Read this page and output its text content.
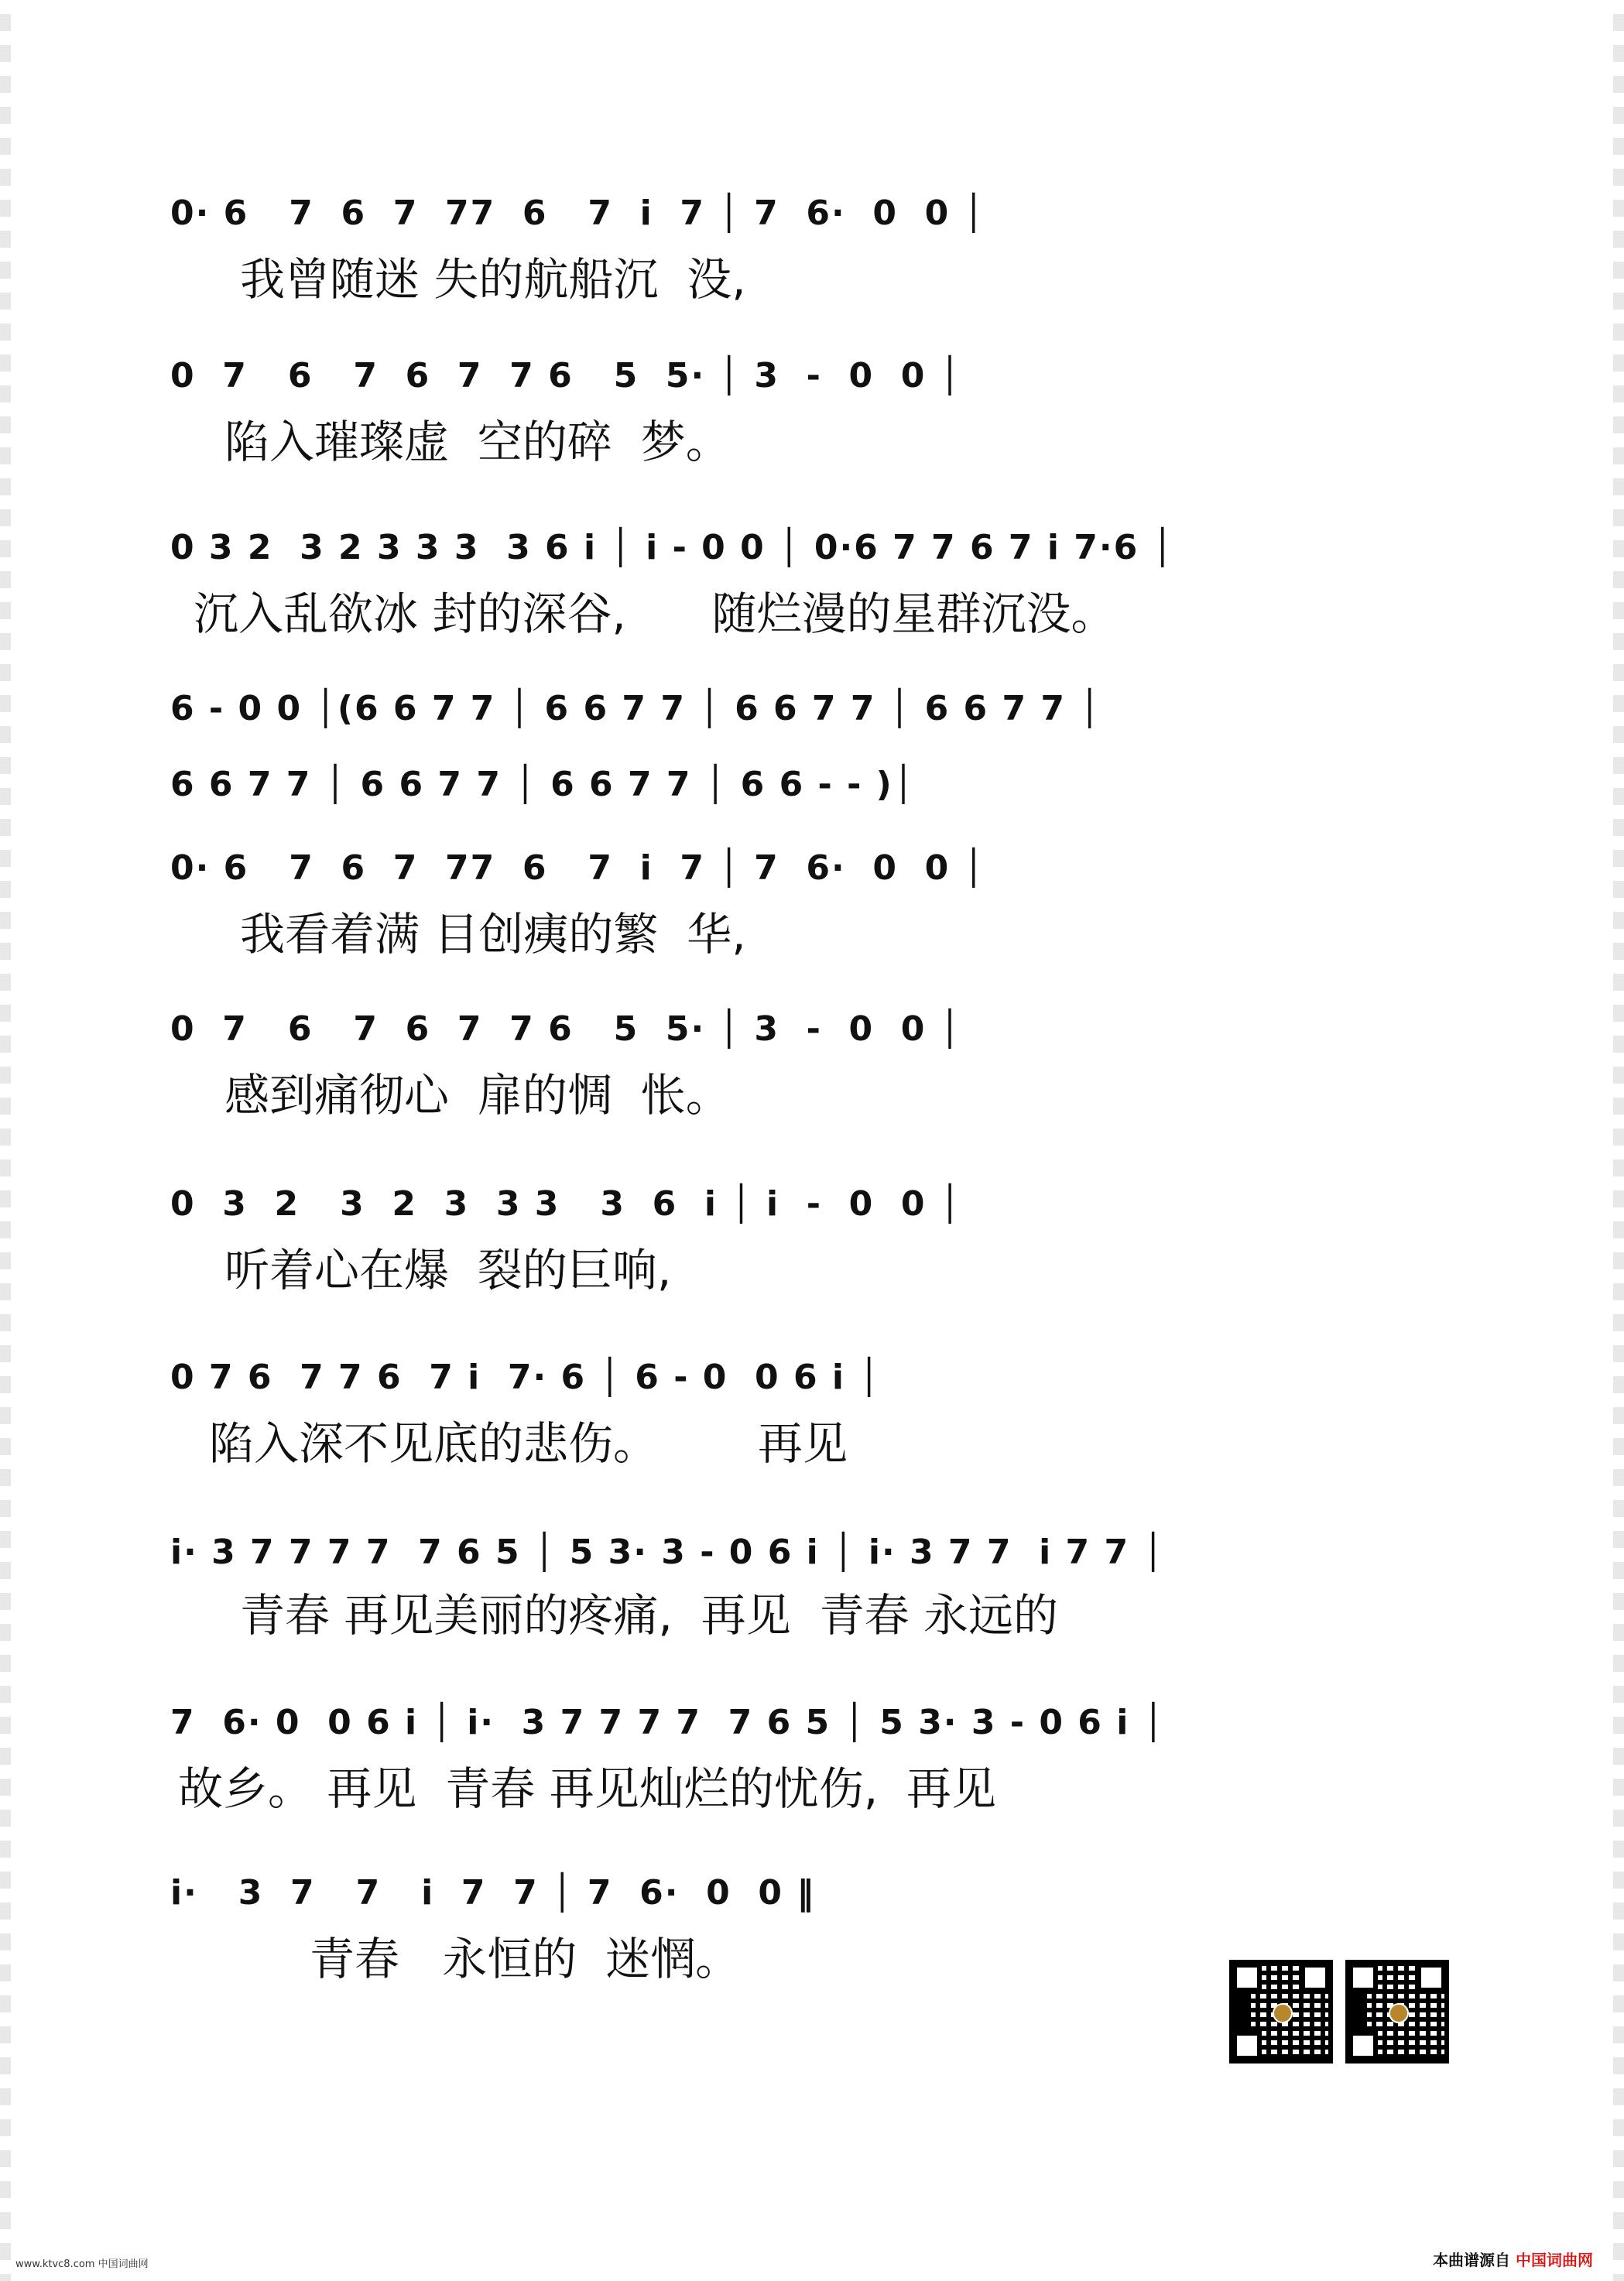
0· 6   7  6  7  77  6   7  i  7 │ 7  6·  0  0 │
我曾随迷 失的航船沉  没,
0  7   6   7  6  7  7 6   5  5· │ 3  -  0  0 │
陷入璀璨虚  空的碎  梦。
0 3 2  3 2 3 3 3  3 6 i │ i - 0 0 │ 0·6 7 7 6 7 i 7·6 │
沉入乱欲冰 封的深谷,      随烂漫的星群沉没。
6 - 0 0 │(6 6 7 7 │ 6 6 7 7 │ 6 6 7 7 │ 6 6 7 7 │
6 6 7 7 │ 6 6 7 7 │ 6 6 7 7 │ 6 6 - - )│
0· 6   7  6  7  77  6   7  i  7 │ 7  6·  0  0 │
我看着满 目创痍的繁  华,
0  7   6   7  6  7  7 6   5  5· │ 3  -  0  0 │
感到痛彻心  扉的惆  怅。
0  3  2   3  2  3  3 3   3  6  i │ i  -  0  0 │
听着心在爆  裂的巨响,
0 7 6  7 7 6  7 i  7· 6 │ 6 - 0  0 6 i │
陷入深不见底的悲伤。       再见
i· 3 7 7 7 7  7 6 5 │ 5 3· 3 - 0 6 i │ i· 3 7 7  i 7 7 │
青春 再见美丽的疼痛,  再见  青春 永远的
7  6· 0  0 6 i │ i·  3 7 7 7 7  7 6 5 │ 5 3· 3 - 0 6 i │
故乡。 再见  青春 再见灿烂的忧伤,  再见
i·   3  7   7   i  7  7 │ 7  6·  0  0 ‖
青春   永恒的  迷惘。
www.ktvc8.com 中国词曲网	本曲谱源自 中国词曲网
